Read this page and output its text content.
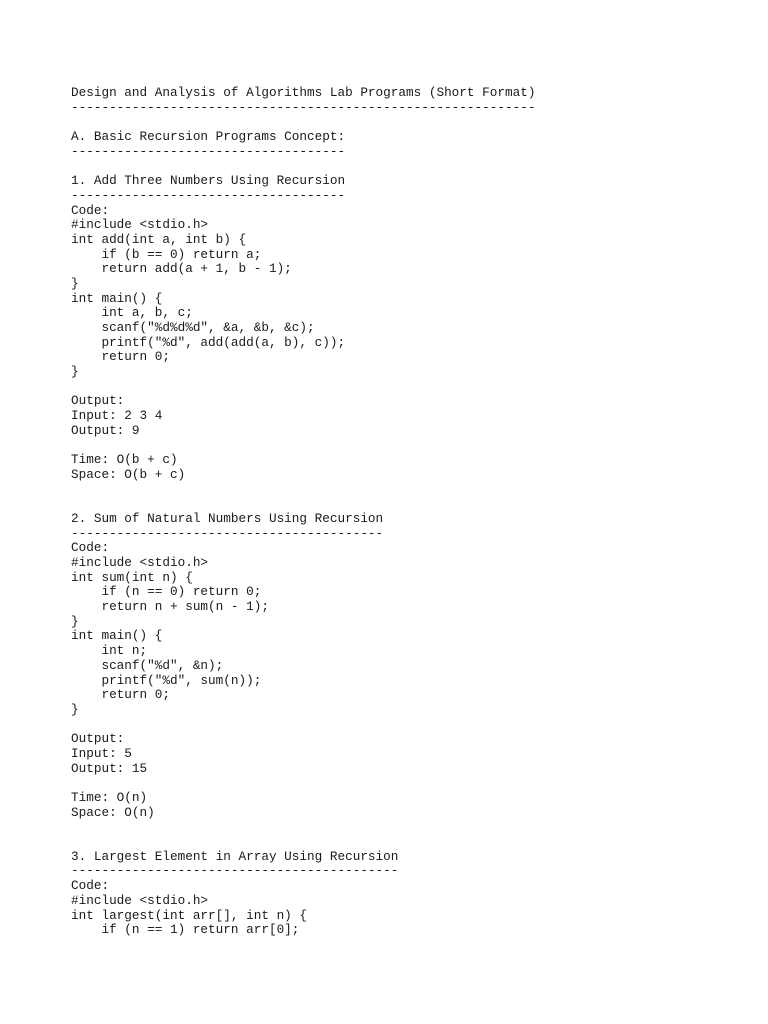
Design and Analysis of Algorithms Lab Programs (Short Format)
-------------------------------------------------------------
A. Basic Recursion Programs Concept:
------------------------------------
1. Add Three Numbers Using Recursion
------------------------------------
Code:
#include <stdio.h>
int add(int a, int b) {
if (b == 0) return a;
return add(a + 1, b - 1);
}
int main() {
int a, b, c;
scanf("%d%d%d", &a, &b, &c);
printf("%d", add(add(a, b), c));
return 0;
}
Output:
Input: 2 3 4
Output: 9
Time: O(b + c)
Space: O(b + c)
2. Sum of Natural Numbers Using Recursion
-----------------------------------------
Code:
#include <stdio.h>
int sum(int n) {
if (n == 0) return 0;
return n + sum(n - 1);
}
int main() {
int n;
scanf("%d", &n);
printf("%d", sum(n));
return 0;
}
Output:
Input: 5
Output: 15
Time: O(n)
Space: O(n)
3. Largest Element in Array Using Recursion
-------------------------------------------
Code:
#include <stdio.h>
int largest(int arr[], int n) {
if (n == 1) return arr[0];
